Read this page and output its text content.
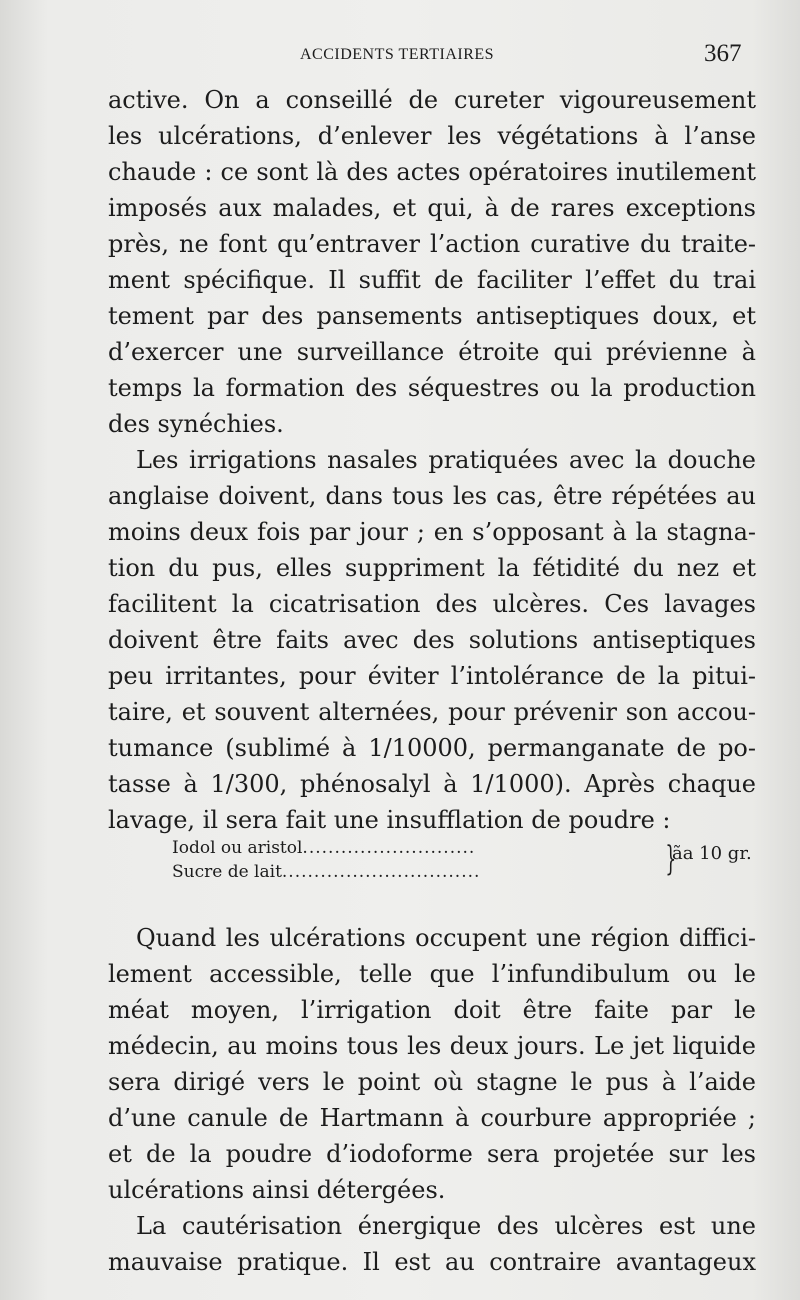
ACCIDENTS TERTIAIRES	367
active. On a conseillé de cureter vigoureusement
les ulcérations, d’enlever les végétations à l’anse
chaude : ce sont là des actes opératoires inutilement
imposés aux malades, et qui, à de rares exceptions
près, ne font qu’entraver l’action curative du traite-
ment spécifique. Il suffit de faciliter l’effet du trai
tement par des pansements antiseptiques doux, et
d’exercer une surveillance étroite qui prévienne à
temps la formation des séquestres ou la production
des synéchies.
Les irrigations nasales pratiquées avec la douche
anglaise doivent, dans tous les cas, être répétées au
moins deux fois par jour ; en s’opposant à la stagna-
tion du pus, elles suppriment la fétidité du nez et
facilitent la cicatrisation des ulcères. Ces lavages
doivent être faits avec des solutions antiseptiques
peu irritantes, pour éviter l’intolérance de la pitui-
taire, et souvent alternées, pour prévenir son accou-
tumance (sublimé à 1/10000, permanganate de po-
tasse à 1/300, phénosalyl à 1/1000). Après chaque
lavage, il sera fait une insufflation de poudre :
Iodol ou aristol...........................
Sucre de lait...............................	}
ãa 10 gr.
Quand les ulcérations occupent une région diffici-
lement accessible, telle que l’infundibulum ou le
méat moyen, l’irrigation doit être faite par le
médecin, au moins tous les deux jours. Le jet liquide
sera dirigé vers le point où stagne le pus à l’aide
d’une canule de Hartmann à courbure appropriée ;
et de la poudre d’iodoforme sera projetée sur les
ulcérations ainsi détergées.
La cautérisation énergique des ulcères est une
mauvaise pratique. Il est au contraire avantageux
